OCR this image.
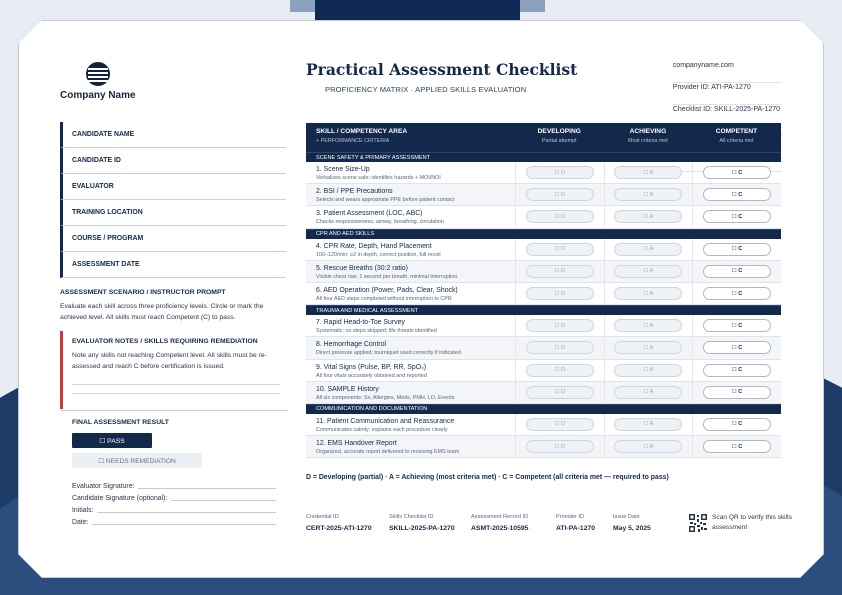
Company Name
Practical Assessment Checklist
PROFICIENCY MATRIX · APPLIED SKILLS EVALUATION
companyname.com
Provider ID: ATI-PA-1270
Checklist ID: SKILL-2025-PA-1270
CANDIDATE NAME
CANDIDATE ID
EVALUATOR
TRAINING LOCATION
COURSE / PROGRAM
ASSESSMENT DATE
ASSESSMENT SCENARIO / INSTRUCTOR PROMPT
Evaluate each skill across three proficiency levels. Circle or mark the achieved level. All skills must reach Competent (C) to pass.
EVALUATOR NOTES / SKILLS REQUIRING REMEDIATION
Note any skills not reaching Competent level. All skills must be re-assessed and reach C before certification is issued.
FINAL ASSESSMENT RESULT
☐ PASS
☐ NEEDS REMEDIATION
Evaluator Signature:
Candidate Signature (optional):
Initials:
Date:
SKILL / COMPETENCY AREA
+ PERFORMANCE CRITERIA
DEVELOPING
Partial attempt
ACHIEVING
Most criteria met
COMPETENT
All criteria met
SCENE SAFETY & PRIMARY ASSESSMENT
1. Scene Size-Up
Verbalizes scene safe; identifies hazards + MOI/NOI
☐ D	☐ A	☐ C
2. BSI / PPE Precautions
Selects and wears appropriate PPE before patient contact
☐ D	☐ A	☐ C
3. Patient Assessment (LOC, ABC)
Checks responsiveness, airway, breathing, circulation
☐ D	☐ A	☐ C
CPR AND AED SKILLS
4. CPR Rate, Depth, Hand Placement
100–120/min; ≥2 in depth, correct position, full recoil
☐ D	☐ A	☐ C
5. Rescue Breaths (30:2 ratio)
Visible chest rise; 1 second per breath; minimal interruption
☐ D	☐ A	☐ C
6. AED Operation (Power, Pads, Clear, Shock)
All four AED steps completed without interruption to CPR
☐ D	☐ A	☐ C
TRAUMA AND MEDICAL ASSESSMENT
7. Rapid Head-to-Toe Survey
Systematic; no steps skipped; life threats identified
☐ D	☐ A	☐ C
8. Hemorrhage Control
Direct pressure applied; tourniquet used correctly if indicated
☐ D	☐ A	☐ C
9. Vital Signs (Pulse, BP, RR, SpO₂)
All four vitals accurately obtained and reported
☐ D	☐ A	☐ C
10. SAMPLE History
All six components: Sx, Allergies, Meds, PMH, LO, Events
☐ D	☐ A	☐ C
COMMUNICATION AND DOCUMENTATION
11. Patient Communication and Reassurance
Communicates calmly; explains each procedure clearly
☐ D	☐ A	☐ C
12. EMS Handover Report
Organized, accurate report delivered to receiving EMS team
☐ D	☐ A	☐ C
D = Developing (partial) · A = Achieving (most criteria met) · C = Competent (all criteria met — required to pass)
Credential ID
CERT-2025-ATI-1270
Skills Checklist ID
SKILL-2025-PA-1270
Assessment Record ID
ASMT-2025-10595
Provider ID
ATI-PA-1270
Issue Date
May 5, 2025
Scan QR to verify this skills assessment
